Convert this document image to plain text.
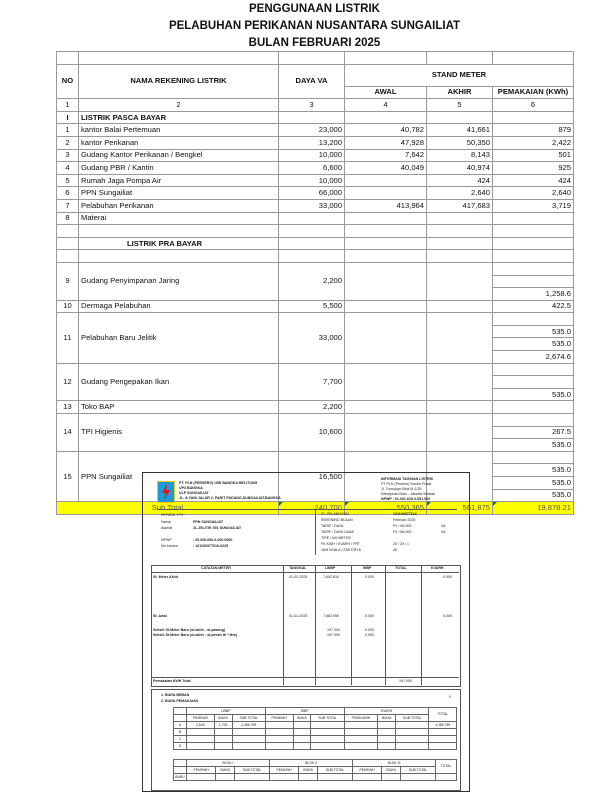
PENGGUNAAN LISTRIK
PELABUHAN PERIKANAN NUSANTARA SUNGAILIAT
BULAN FEBRUARI 2025

NO	NAMA REKENING LISTRIK	DAYA VA	STAND METER		
			AWAL	AKHIR	PEMAKAIAN (KWh)
1	2	3	4	5	6
I	LISTRIK PASCA BAYAR				
1	kantor Balai Pertemuan	23,000	40,782	41,661	879
2	kantor Perikanan	13,200	47,928	50,350	2,422
3	Gudang Kantor Perikanan / Bengkel	10,000	7,642	8,143	501
4	Gudang PBR / Kantin	6,600	40,049	40,974	925
5	Rumah Jaga Pompa Air	10,000		424	424
6	PPN Sungailiat	66,000		2,640	2,640
7	Pelabuhan Perikanan	33,000	413,964	417,683	3,719
8	Materai				

	LISTRIK PRA BAYAR				

9	Gudang Penyimpanan Jaring	2,200			

					1,258.6
10	Dermaga Pelabuhan	5,500			422.5
11	Pelabuhan Baru Jelitik	33,000			
					535.0
					535.0
					2,674.6
12	Gudang Pengepakan Ikan	7,700			

					535.0
13	Toko BAP	2,200			
14	TPI Higienis	10,600			
					267.5
					535.0
15	PPN Sungailiat	16,500			
					535.0
					535.0
					535.0
Sub Total		240,700	550,365	561,875	19,878.21
PT. PLN (PERSERO) UIW BANGKA BELITUNG
UP3 BANGKA
ULP SUNGAILIAT
JL. A.YANI JALUR 2, PARIT PADANG,SUNGAILIAT,BANGKA
INFORMASI TAGIHAN LISTRIK
PT PLN (Persero) Kantor Pusat
Jl. Trunojoyo Blok M-1/35
Kebayoran Baru - Jakarta Selatan
NPWP : 01.001.629.3-051.000
KEPADA YTH :
Nama	PPN SUNGAILIAT
Alamat	JL.JELITIK 001 SUNGAILIAT
NPWP	: 00.000.000.0-000.0000
No Invoice	: 161100377616-0225
ID. PELANGGAN	161100377616
REKENING BULAN	Februari 2025
TARIF / DAYA	P1 / 66,000	VA
TARIF / DAYA LAMA	P1 / 66,000	VA
TIPE / NO METER
FK KWH / KVARH / FRT	20 / 20 / 1
JAM NYALA / FAKTOR K	40
CATATAN METER	TANGGAL	LWBP	WBP	TOTAL	KVARH
St. Meter Akhir	01-02-2025	7,692.810	0.000	0.000
St. Awal	01-01-2025	7,682.950	0.000	0.000
Selisih St.Meter Baru (st.akhir - st.pasang)	197.000	0.000
Selisih St.Meter Baru (st.akhir - st.pecah ttl * fkm)	197.000	0.000
Pemakaian KWH Total	197.000
1. BIAYA BEBAN	0
2. BIAYA PEMAKAIAN
	LWBP			WBP			KVARH			TOTAL
	PEMKWH	BIAYA	SUB TOTAL	PEMKWH	BIAYA	SUB TOTAL	PEMKVARH	BIAYA	SUB TOTAL	
A	2,640	1,700	4,486,759							4,486,759
B										
C										
D										
	BLOK I			BLOK II			BLOK III			TOTAL
	PEMKWH	BIAYA	SUB TOTAL	PEMKWH	BIAYA	SUB TOTAL	PEMKWH	BIAYA	SUB TOTAL	
BARU										
